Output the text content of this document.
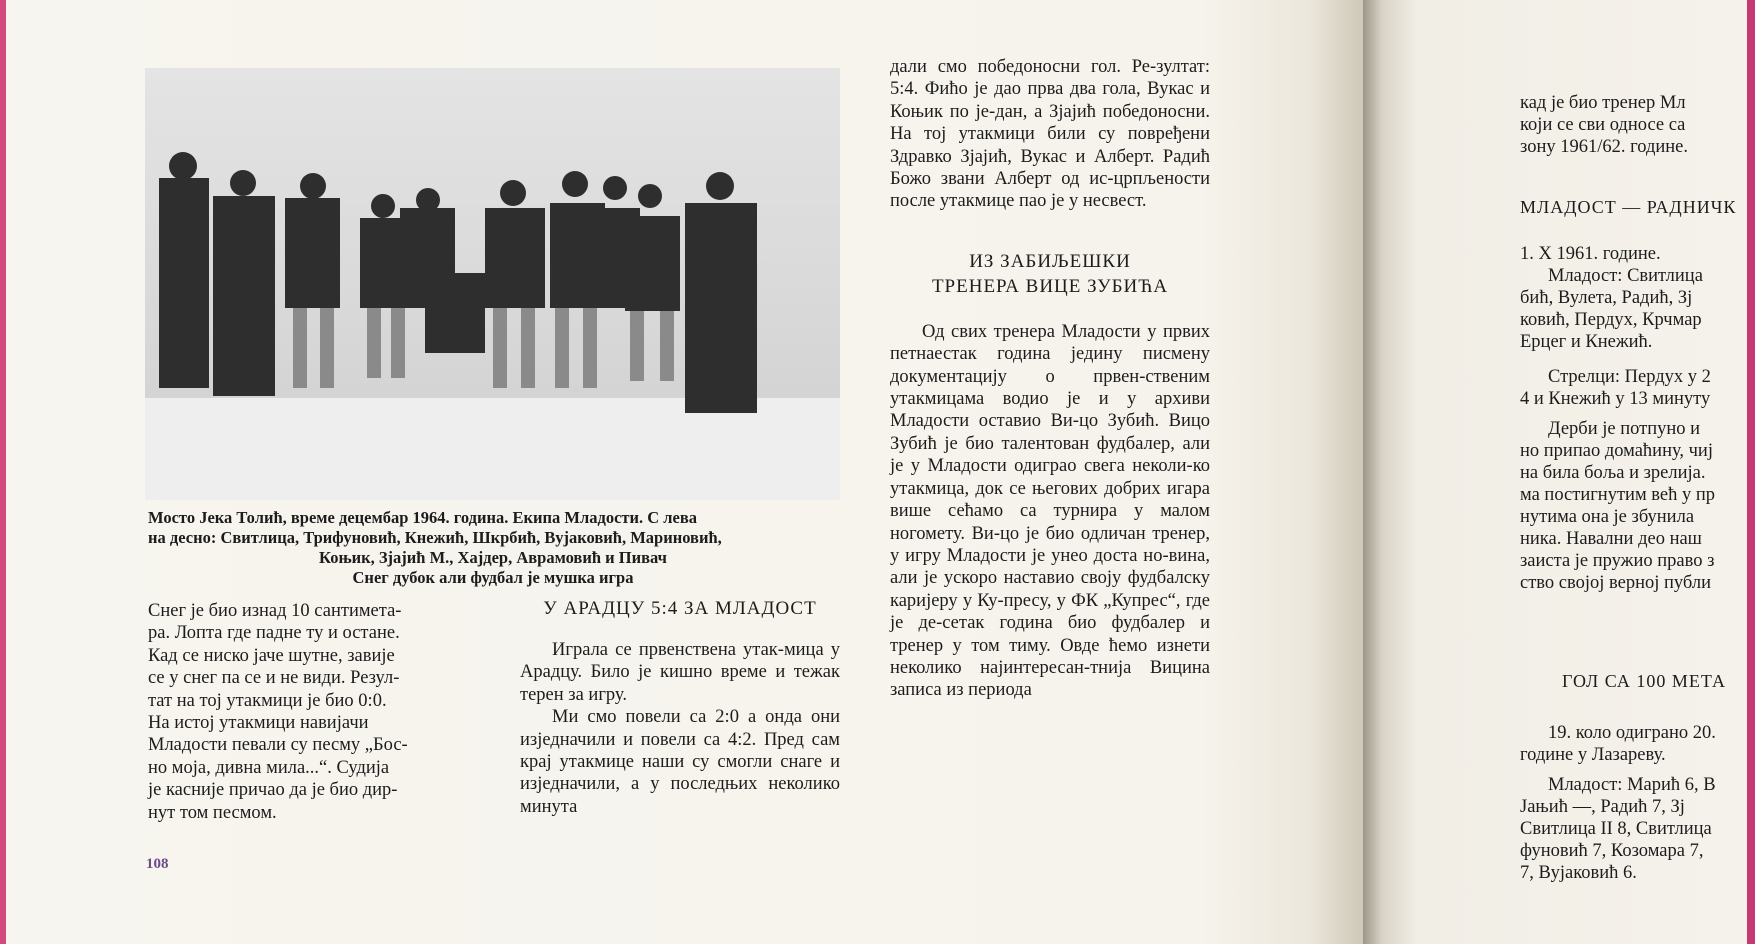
Мосто Јека Толић, време децембар 1964. година. Екипа Младости. С лева
на десно: Свитлица, Трифуновић, Кнежић, Шкрбић, Вујаковић, Мариновић,

Коњик, Зјајић М., Хајдер, Аврамовић и Пивач
Снег дубок али фудбал је мушка игра

Снег је био изнад 10 сантимета-

ра. Лопта где падне ту и остане.

Кад се ниско јаче шутне, завије

се у снег па се и не види. Резул-

тат на тој утакмици је био 0:0.

На истој утакмици навијачи

Младости певали су песму „Бос-

но моја, дивна мила...“. Судија

је касније причао да је био дир-

нут том песмом.

У АРАДЦУ 5:4 ЗА МЛАДОСТ

Играла се првенствена утак-мица у Арадцу. Било је кишно време и тежак терен за игру.

Ми смо повели са 2:0 а онда они изједначили и повели са 4:2. Пред сам крај утакмице наши су смогли снаге и изједначили, а у последњих неколико минута

дали смо победоносни гол. Ре-зултат: 5:4. Фићо је дао прва два гола, Вукас и Коњик по је-дан, а Зјајић победоносни. На тој утакмици били су повређени Здравко Зјајић, Вукас и Алберт. Радић Божо звани Алберт од ис-црпљености после утакмице пао је у несвест.

ИЗ ЗАБИЉЕШКИ
ТРЕНЕРА ВИЦЕ ЗУБИЋА

Од свих тренера Младости у првих петнаестак година једину писмену документацију о првен-ственим утакмицама водио је и у архиви Младости оставио Ви-цо Зубић. Вицо Зубић је био талентован фудбалер, али је у Младости одиграо свега неколи-ко утакмица, док се његових добрих игара више сећамо са турнира у малом ногомету. Ви-цо је био одличан тренер, у игру Младости је унео доста но-вина, али је ускоро наставио своју фудбалску каријеру у Ку-пресу, у ФК „Купрес“, где је де-сетак година био фудбалер и тренер у том тиму. Овде ћемо изнети неколико најинтересан-тнија Вицина записа из периода

108

кад је био тренер Мл

који се сви односе са

зону 1961/62. године.

МЛАДОСТ — РАДНИЧК

1. X 1961. године.

Младост: Свитлица

бић, Вулета, Радић, Зј

ковић, Пердух, Крчмар

Ерцег и Кнежић.

Стрелци: Пердух у 2

4 и Кнежић у 13 минуту

Дерби је потпуно и

но припао домаћину, чиј

на била боља и зрелија.

ма постигнутим већ у пр

нутима она је збунила

ника. Навални део наш

заиста је пружио право з

ство својој верној публи

ГОЛ СА 100 МЕТА

19. коло одиграно 20.

године у Лазареву.

Младост: Марић 6, В

Јањић —, Радић 7, Зј

Свитлица II 8, Свитлица

фуновић 7, Козомара 7,

7, Вујаковић 6.
